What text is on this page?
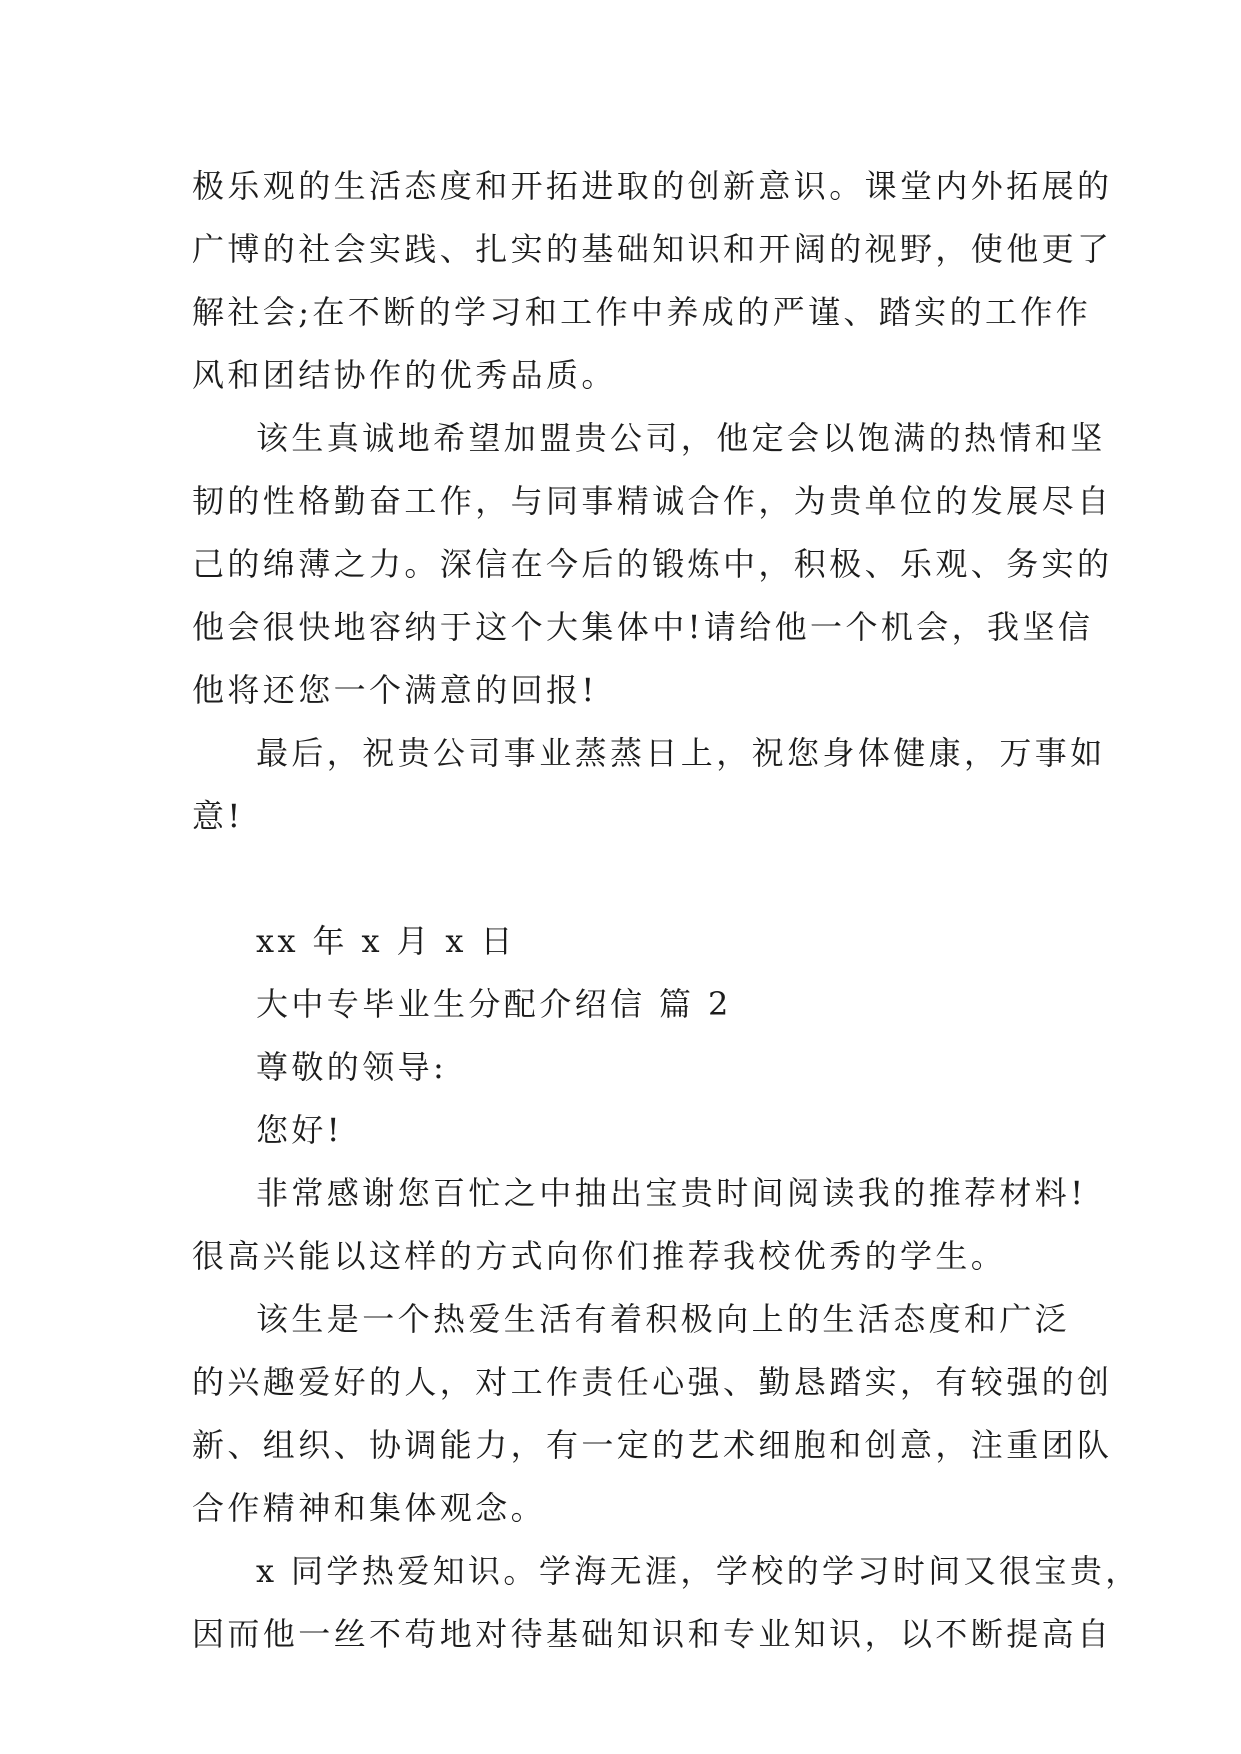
极乐观的生活态度和开拓进取的创新意识。课堂内外拓展的
广博的社会实践、扎实的基础知识和开阔的视野，使他更了
解社会;在不断的学习和工作中养成的严谨、踏实的工作作
风和团结协作的优秀品质。
该生真诚地希望加盟贵公司，他定会以饱满的热情和坚
韧的性格勤奋工作，与同事精诚合作，为贵单位的发展尽自
己的绵薄之力。深信在今后的锻炼中，积极、乐观、务实的
他会很快地容纳于这个大集体中!请给他一个机会，我坚信
他将还您一个满意的回报!
最后，祝贵公司事业蒸蒸日上，祝您身体健康，万事如
意!
xx 年 x 月 x 日
大中专毕业生分配介绍信 篇 2
尊敬的领导:
您好!
非常感谢您百忙之中抽出宝贵时间阅读我的推荐材料!
很高兴能以这样的方式向你们推荐我校优秀的学生。
该生是一个热爱生活有着积极向上的生活态度和广泛
的兴趣爱好的人，对工作责任心强、勤恳踏实，有较强的创
新、组织、协调能力，有一定的艺术细胞和创意，注重团队
合作精神和集体观念。
x 同学热爱知识。学海无涯，学校的学习时间又很宝贵，
因而他一丝不苟地对待基础知识和专业知识，以不断提高自
